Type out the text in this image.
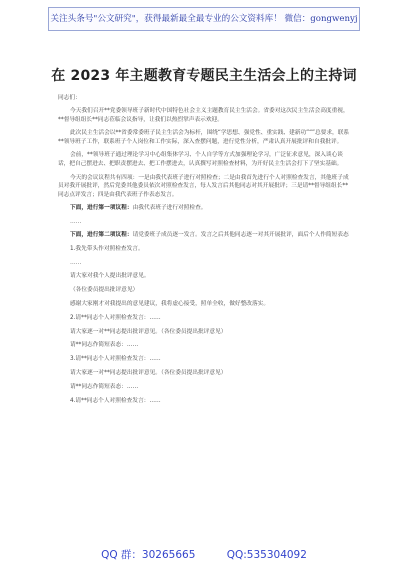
关注头条号"公文研究"，获得最新最全最专业的公文资料库！ 微信：gongwenyj
在 2023 年主题教育专题民主生活会上的主持词

同志们：

今天我们召开**党委领导班子新时代中国特色社会主义主题教育民主生活会。省委对这次民主生活会高度重视，**督导组组长**同志莅临会议指导，让我们以热烈掌声表示欢迎。

此次民主生活会以**省委常委班子民主生活会为标杆，围绕“学思想、强党性、重实践、建新功”“”总要求，联系**领导班子工作，联系班子个人岗位和工作实际，深入查摆问题，进行党性分析，严肃认真开展批评和自我批评。

会前，**领导班子通过理论学习中心组集体学习、个人自学等方式加强理论学习，广泛征求意见，深入谈心谈话，把自己摆进去、把职责摆进去、把工作摆进去，认真撰写对照检查材料，为开好民主生活会打下了坚实基础。

今天的会议议程共有四项：一是由我代表班子进行对照检查；二是由我首先进行个人对照检查发言，其他班子成员对我开展批评，然后党委其他委员依次对照检查发言，每人发言后其他同志对其开展批评；三是请**督导组组长**同志点评发言；四是由我代表班子作表态发言。

下面，进行第一项议程：由我代表班子进行对照检查。

……

下面，进行第二项议程：请党委班子成员逐一发言。发言之后其他同志逐一对其开展批评，面后个人作简短表态

1.我先带头作对照检查发言。

……

请大家对我个人提出批评意见。

（各位委员提出批评意见）

感谢大家刚才对我提出的意见建议，我将虚心接受，照单全收，做好整改落实。

2.请**同志个人对照检查发言：……

请大家逐一对**同志提出批评意见。（各位委员提出批评意见）

请**同志作简短表态：……

3.请**同志个人对照检查发言：……

请大家逐一对**同志提出批评意见。（各位委员提出批评意见）

请**同志作简短表态：……

4.请**同志个人对照检查发言：……

QQ 群：30265665	QQ:535304092
